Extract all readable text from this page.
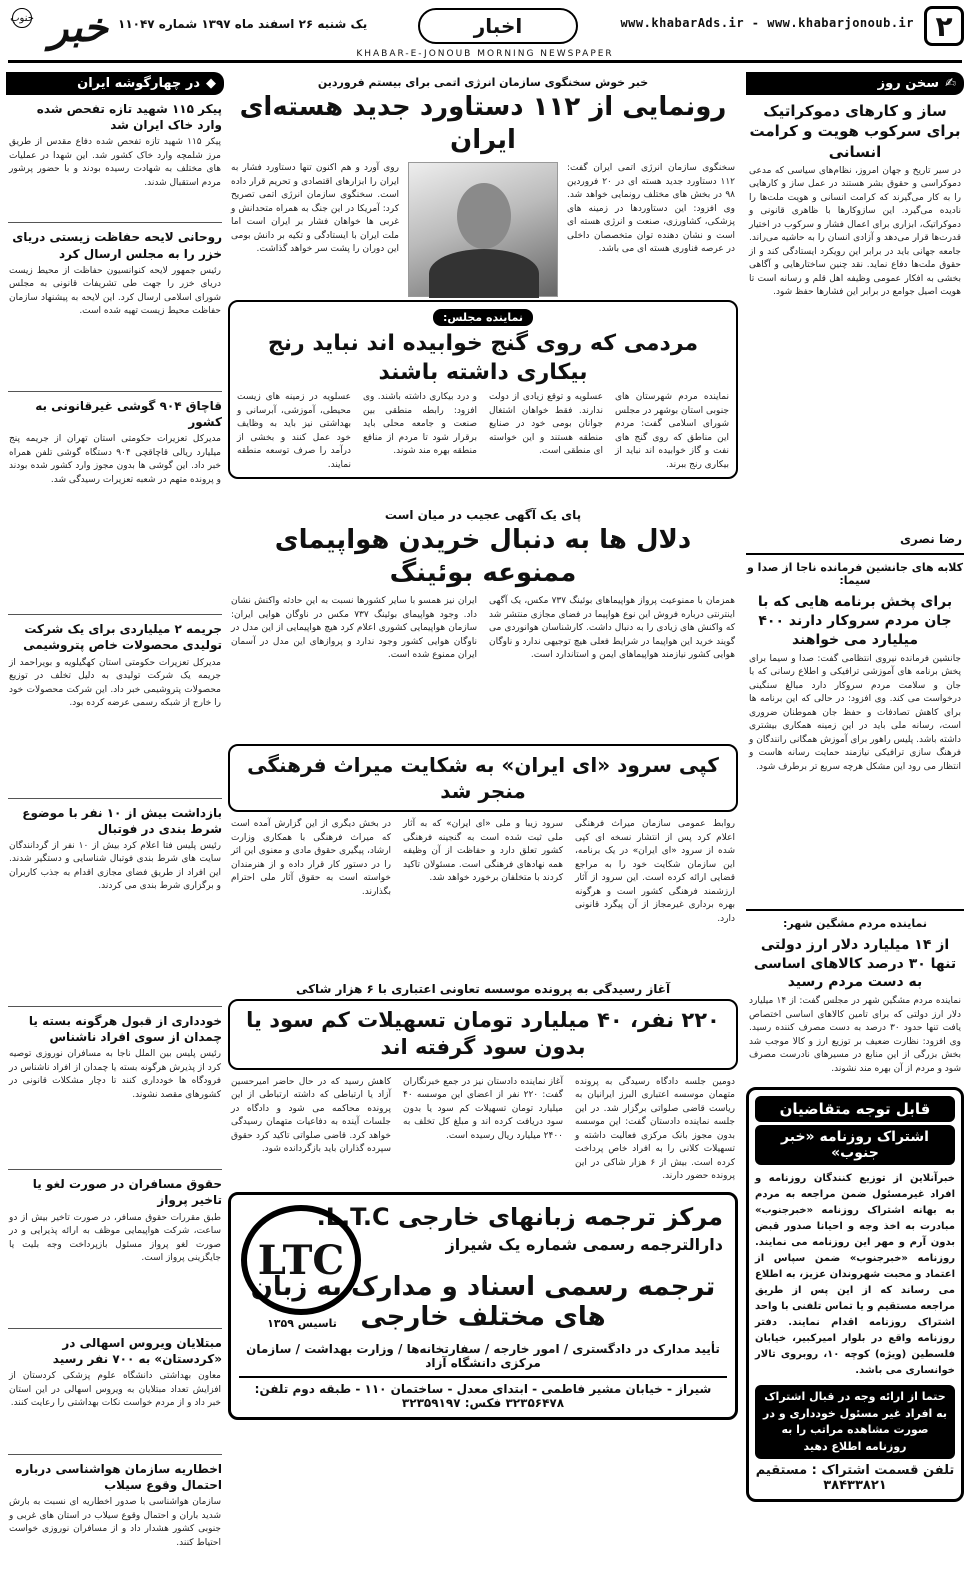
۲
www.khabarAds.ir - www.khabarjonoub.ir
اخبار
یک شنبه ۲۶ اسفند ماه ۱۳۹۷ شماره ۱۱۰۴۷
جنوب خبر
KHABAR-E-JONOUB MORNING NEWSPAPER
✍
سخن روز
ساز و کارهای دموکراتیک برای سرکوب هویت و کرامت انسانی
در سیر تاریخ و جهان امروز، نظام‌های سیاسی که مدعی دموکراسی و حقوق بشر هستند در عمل ساز و کارهایی را به کار می‌گیرند که کرامت انسانی و هویت ملت‌ها را نادیده می‌گیرد. این سازوکارها با ظاهری قانونی و دموکراتیک، ابزاری برای اعمال فشار و سرکوب در اختیار قدرت‌ها قرار می‌دهد و آزادی انسان را به حاشیه می‌راند. جامعه جهانی باید در برابر این رویکرد ایستادگی کند و از حقوق ملت‌ها دفاع نماید. نقد چنین ساختارهایی و آگاهی بخشی به افکار عمومی وظیفه اهل قلم و رسانه است تا هویت اصیل جوامع در برابر این فشارها حفظ شود.
رضا نصری
کلابه های جانشین فرمانده ناجا از صدا و سیما:
برای پخش برنامه هایی که با جان مردم سروکار دارند ۴۰۰ میلیارد می خواهند
جانشین فرمانده نیروی انتظامی گفت: صدا و سیما برای پخش برنامه های آموزشی ترافیکی و اطلاع رسانی که با جان و سلامت مردم سروکار دارد مبالغ سنگینی درخواست می کند. وی افزود: در حالی که این برنامه ها برای کاهش تصادفات و حفظ جان هموطنان ضروری است، رسانه ملی باید در این زمینه همکاری بیشتری داشته باشد. پلیس راهور برای آموزش همگانی رانندگان و فرهنگ سازی ترافیکی نیازمند حمایت رسانه هاست و انتظار می رود این مشکل هرچه سریع تر برطرف شود.
نماینده مردم مشگین شهر:
از ۱۴ میلیارد دلار ارز دولتی تنها ۳۰ درصد کالاهای اساسی به دست مردم رسید
نماینده مردم مشگین شهر در مجلس گفت: از ۱۴ میلیارد دلار ارز دولتی که برای تامین کالاهای اساسی اختصاص یافت تنها حدود ۳۰ درصد به دست مصرف کننده رسید. وی افزود: نظارت ضعیف بر توزیع ارز و کالا موجب شد بخش بزرگی از این منابع در مسیرهای نادرست مصرف شود و مردم از آن بهره مند نشوند.
قابل توجه متقاضیان
اشتراک روزنامه «خبر جنوب»
خبرآنلاین از توزیع کنندگان روزنامه و افراد غیرمسئول ضمن مراجعه به مردم به بهانه اشتراک روزنامه «خبرجنوب» مبادرت به اخذ وجه و احیانا صدور قبض بدون آرم و مهر این روزنامه می نمایند. روزنامه «خبرجنوب» ضمن سپاس از اعتماد و محبت شهروندان عزیز، به اطلاع می رساند که از این پس از طریق مراجعه مستقیم و یا تماس تلفنی با واحد اشتراک روزنامه اقدام نمایند. دفتر روزنامه واقع در بلوار امیرکبیر، خیابان فلسطین (ویژه) کوچه ۱۰، روبروی تالار خوانساری می باشد.
حتما از ارائه وجه در قبال اشتراک به افراد غیر مسئول خودداری و در صورت مشاهده مراتب را به روزنامه اطلاع دهید
تلفن قسمت اشتراک : مستقیم ۳۸۴۳۳۸۲۱
خبر خوش سخنگوی سازمان انرژی اتمی برای بیستم فروردین
رونمایی از ۱۱۲ دستاورد جدید هسته‌ای ایران
سخنگوی سازمان انرژی اتمی ایران گفت: ۱۱۲ دستاورد جدید هسته ای در ۲۰ فروردین ۹۸ در بخش های مختلف رونمایی خواهد شد. وی افزود: این دستاوردها در زمینه های پزشکی، کشاورزی، صنعت و انرژی هسته ای است و نشان دهنده توان متخصصان داخلی در عرصه فناوری هسته ای می باشد.
روی آورد و هم اکنون تنها دستاورد فشار به ایران را ابزارهای اقتصادی و تحریم قرار داده است. سخنگوی سازمان انرژی اتمی تصریح کرد: آمریکا در این جنگ به همراه متحدانش و غربی ها خواهان فشار بر ایران است اما ملت ایران با ایستادگی و تکیه بر دانش بومی این دوران را پشت سر خواهد گذاشت.
نماینده مجلس:
مردمی که روی گنج خوابیده اند نباید رنج بیکاری داشته باشند
نماینده مردم شهرستان های جنوبی استان بوشهر در مجلس شورای اسلامی گفت: مردم این مناطق که روی گنج های نفت و گاز خوابیده اند نباید از بیکاری رنج ببرند.
عسلویه و توقع زیادی از دولت ندارند. فقط خواهان اشتغال جوانان بومی خود در صنایع منطقه هستند و این خواسته ای منطقی است.
و درد بیکاری داشته باشند. وی افزود: رابطه منطقی بین صنعت و جامعه محلی باید برقرار شود تا مردم از منافع منطقه بهره مند شوند.
عسلویه در زمینه های زیست محیطی، آموزشی، آبرسانی و بهداشتی نیز باید به وظایف خود عمل کنند و بخشی از درآمد را صرف توسعه منطقه نمایند.
پای یک آگهی عجیب در میان است
دلال ها به دنبال خریدن هواپیمای ممنوعه بوئینگ
همزمان با ممنوعیت پرواز هواپیماهای بوئینگ ۷۳۷ مکس، یک آگهی اینترنتی درباره فروش این نوع هواپیما در فضای مجازی منتشر شد که واکنش های زیادی را به دنبال داشت. کارشناسان هوانوردی می گویند خرید این هواپیما در شرایط فعلی هیچ توجیهی ندارد و ناوگان هوایی کشور نیازمند هواپیماهای ایمن و استاندارد است.
ایران نیز همسو با سایر کشورها نسبت به این حادثه واکنش نشان داد. وجود هواپیمای بوئینگ ۷۳۷ مکس در ناوگان هوایی ایران: سازمان هواپیمایی کشوری اعلام کرد هیچ هواپیمایی از این مدل در ناوگان هوایی کشور وجود ندارد و پروازهای این مدل در آسمان ایران ممنوع شده است.
کپی سرود «ای ایران» به شکایت میراث فرهنگی منجر شد
روابط عمومی سازمان میراث فرهنگی اعلام کرد پس از انتشار نسخه ای کپی شده از سرود «ای ایران» در یک برنامه، این سازمان شکایت خود را به مراجع قضایی ارائه کرده است. این سرود از آثار ارزشمند فرهنگی کشور است و هرگونه بهره برداری غیرمجاز از آن پیگرد قانونی دارد.
سرود زیبا و ملی «ای ایران» که به آثار ملی ثبت شده است به گنجینه فرهنگی کشور تعلق دارد و حفاظت از آن وظیفه همه نهادهای فرهنگی است. مسئولان تاکید کردند با متخلفان برخورد خواهد شد.
در بخش دیگری از این گزارش آمده است که میراث فرهنگی با همکاری وزارت ارشاد، پیگیری حقوق مادی و معنوی این اثر را در دستور کار قرار داده و از هنرمندان خواسته است به حقوق آثار ملی احترام بگذارند.
آغاز رسیدگی به پرونده موسسه تعاونی اعتباری با ۶ هزار شاکی
۲۲۰ نفر، ۴۰ میلیارد تومان تسهیلات کم سود یا بدون سود گرفته اند
دومین جلسه دادگاه رسیدگی به پرونده متهمان موسسه اعتباری البرز ایرانیان به ریاست قاضی صلواتی برگزار شد. در این جلسه نماینده دادستان گفت: این موسسه بدون مجوز بانک مرکزی فعالیت داشته و تسهیلات کلانی را به افراد خاص پرداخت کرده است. بیش از ۶ هزار شاکی در این پرونده حضور دارند.
آغاز نماینده دادستان نیز در جمع خبرنگاران گفت: ۲۲۰ نفر از اعضای این موسسه ۴۰ میلیارد تومان تسهیلات کم سود یا بدون سود دریافت کرده اند و مبلغ کل تخلف به ۲۴۰۰ میلیارد ریال رسیده است.
کاهش رسید که در حال حاضر امیرحسین آزاد یا ارتباطی که داشته ارتباطی از این پرونده محاکمه می شود و دادگاه در جلسات آینده به دفاعیات متهمان رسیدگی خواهد کرد. قاضی صلواتی تاکید کرد حقوق سپرده گذاران باید بازگردانده شود.
LTC
تاسیس ۱۳۵۹
مرکز ترجمه زبانهای خارجی L.T.C.
دارالترجمه رسمی شماره یک شیراز
ترجمه رسمی اسناد و مدارک به زبان های مختلف خارجی
تأیید مدارک در دادگستری / امور خارجه / سفارتخانه‌ها / وزارت بهداشت / سازمان مرکزی دانشگاه آزاد
شیراز - خیابان مشیر فاطمی - ابتدای معدل - ساختمان ۱۱۰ - طبقه دوم تلفن: ۳۲۳۵۶۴۷۸ فکس: ۳۲۳۵۹۱۹۷
◆
در چهارگوشه ایران
پیکر ۱۱۵ شهید تازه تفحص شده وارد خاک ایران شد
پیکر ۱۱۵ شهید تازه تفحص شده دفاع مقدس از طریق مرز شلمچه وارد خاک کشور شد. این شهدا در عملیات های مختلف به شهادت رسیده بودند و با حضور پرشور مردم استقبال شدند.
روحانی لایحه حفاظت زیستی دریای خزر را به مجلس ارسال کرد
رئیس جمهور لایحه کنوانسیون حفاظت از محیط زیست دریای خزر را جهت طی تشریفات قانونی به مجلس شورای اسلامی ارسال کرد. این لایحه به پیشنهاد سازمان حفاظت محیط زیست تهیه شده است.
قاچاق ۹۰۴ گوشی غیرقانونی به کشور
مدیرکل تعزیرات حکومتی استان تهران از جریمه پنج میلیارد ریالی قاچاقچی ۹۰۴ دستگاه گوشی تلفن همراه خبر داد. این گوشی ها بدون مجوز وارد کشور شده بودند و پرونده متهم در شعبه تعزیرات رسیدگی شد.
جریمه ۲ میلیاردی برای یک شرکت تولیدی محصولات خاص پتروشیمی
مدیرکل تعزیرات حکومتی استان کهگیلویه و بویراحمد از جریمه یک شرکت تولیدی به دلیل تخلف در توزیع محصولات پتروشیمی خبر داد. این شرکت محصولات خود را خارج از شبکه رسمی عرضه کرده بود.
بازداشت بیش از ۱۰ نفر با موضوع شرط بندی در فوتبال
رئیس پلیس فتا اعلام کرد بیش از ۱۰ نفر از گردانندگان سایت های شرط بندی فوتبال شناسایی و دستگیر شدند. این افراد از طریق فضای مجازی اقدام به جذب کاربران و برگزاری شرط بندی می کردند.
خودداری از قبول هرگونه بسته یا چمدان از سوی افراد ناشناس
رئیس پلیس بین الملل ناجا به مسافران نوروزی توصیه کرد از پذیرش هرگونه بسته یا چمدان از افراد ناشناس در فرودگاه ها خودداری کنند تا دچار مشکلات قانونی در کشورهای مقصد نشوند.
حقوق مسافران در صورت لغو یا تاخیر پرواز
طبق مقررات حقوق مسافر، در صورت تاخیر بیش از دو ساعت، شرکت هواپیمایی موظف به ارائه پذیرایی و در صورت لغو پرواز مسئول بازپرداخت وجه بلیت یا جایگزینی پرواز است.
مبتلایان ویروس اسهالی در «کردستان» به ۷۰۰ نفر رسید
معاون بهداشتی دانشگاه علوم پزشکی کردستان از افزایش تعداد مبتلایان به ویروس اسهالی در این استان خبر داد و از مردم خواست نکات بهداشتی را رعایت کنند.
اخطاریه سازمان هواشناسی درباره احتمال وقوع سیلاب
سازمان هواشناسی با صدور اخطاریه ای نسبت به بارش شدید باران و احتمال وقوع سیلاب در استان های غربی و جنوبی کشور هشدار داد و از مسافران نوروزی خواست احتیاط کنند.
